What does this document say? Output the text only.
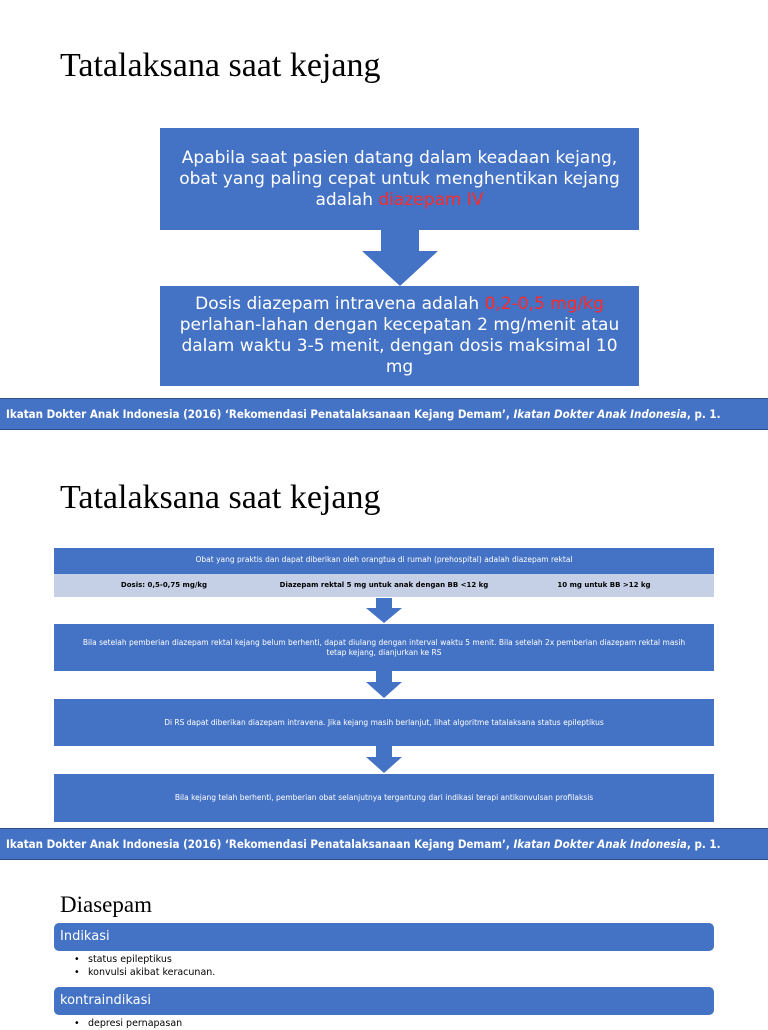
Tatalaksana saat kejang
Apabila saat pasien datang dalam keadaan kejang, obat yang paling cepat untuk menghentikan kejang adalah diazepam IV
Dosis diazepam intravena adalah 0,2-0,5 mg/kg perlahan-lahan dengan kecepatan 2 mg/menit atau dalam waktu 3-5 menit, dengan dosis maksimal 10 mg
Ikatan Dokter Anak Indonesia (2016) ‘Rekomendasi Penatalaksanaan Kejang Demam’, Ikatan Dokter Anak Indonesia, p. 1.
Tatalaksana saat kejang
Obat yang praktis dan dapat diberikan oleh orangtua di rumah (prehospital) adalah diazepam rektal
Dosis: 0,5-0,75 mg/kg	Diazepam rektal 5 mg untuk anak dengan BB <12 kg	10 mg untuk BB >12 kg
Bila setelah pemberian diazepam rektal kejang belum berhenti, dapat diulang dengan interval waktu 5 menit. Bila setelah 2x pemberian diazepam rektal masih tetap kejang, dianjurkan ke RS
Di RS dapat diberikan diazepam intravena. Jika kejang masih berlanjut, lihat algoritme tatalaksana status epileptikus
Bila kejang telah berhenti, pemberian obat selanjutnya tergantung dari indikasi terapi antikonvulsan profilaksis
Ikatan Dokter Anak Indonesia (2016) ‘Rekomendasi Penatalaksanaan Kejang Demam’, Ikatan Dokter Anak Indonesia, p. 1.
Diasepam
Indikasi
• status epileptikus
• konvulsi akibat keracunan.
kontraindikasi
• depresi pernapasan
